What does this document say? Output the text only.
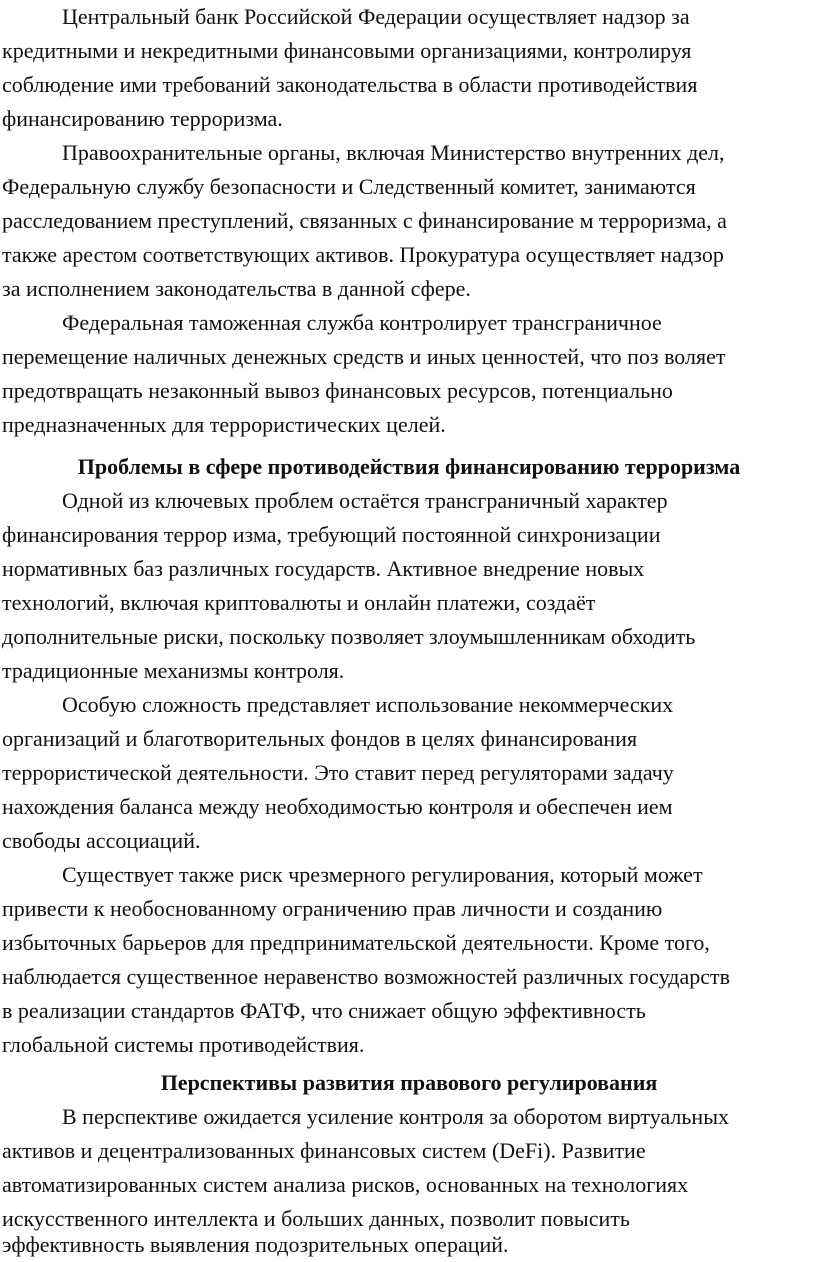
Центральный банк Российской Федерации осуществляет надзор за
кредитными и некредитными финансовыми организациями, контролируя
соблюдение ими требований законодательства в области противодействия
финансированию терроризма.
Правоохранительные органы, включая Министерство внутренних дел,
Федеральную службу безопасности и Следственный комитет, занимаются
расследованием преступлений, связанных с финансирование м терроризма, а
также арестом соответствующих активов. Прокуратура осуществляет надзор
за исполнением законодательства в данной сфере.
Федеральная таможенная служба контролирует трансграничное
перемещение наличных денежных средств и иных ценностей, что поз воляет
предотвращать незаконный вывоз финансовых ресурсов, потенциально
предназначенных для террористических целей.
Проблемы в сфере противодействия финансированию терроризма
Одной из ключевых проблем остаётся трансграничный характер
финансирования террор изма, требующий постоянной синхронизации
нормативных баз различных государств. Активное внедрение новых
технологий, включая криптовалюты и онлайн платежи, создаёт
дополнительные риски, поскольку позволяет злоумышленникам обходить
традиционные механизмы контроля.
Особую сложность представляет использование некоммерческих
организаций и благотворительных фондов в целях финансирования
террористической деятельности. Это ставит перед регуляторами задачу
нахождения баланса между необходимостью контроля и обеспечен ием
свободы ассоциаций.
Существует также риск чрезмерного регулирования, который может
привести к необоснованному ограничению прав личности и созданию
избыточных барьеров для предпринимательской деятельности. Кроме того,
наблюдается существенное неравенство возможностей различных государств
в реализации стандартов ФАТФ, что снижает общую эффективность
глобальной системы противодействия.
Перспективы развития правового регулирования
В перспективе ожидается усиление контроля за оборотом виртуальных
активов и децентрализованных финансовых систем (DeFi). Развитие
автоматизированных систем анализа рисков, основанных на технологиях
искусственного интеллекта и больших данных, позволит повысить
эффективность выявления подозрительных операций.
